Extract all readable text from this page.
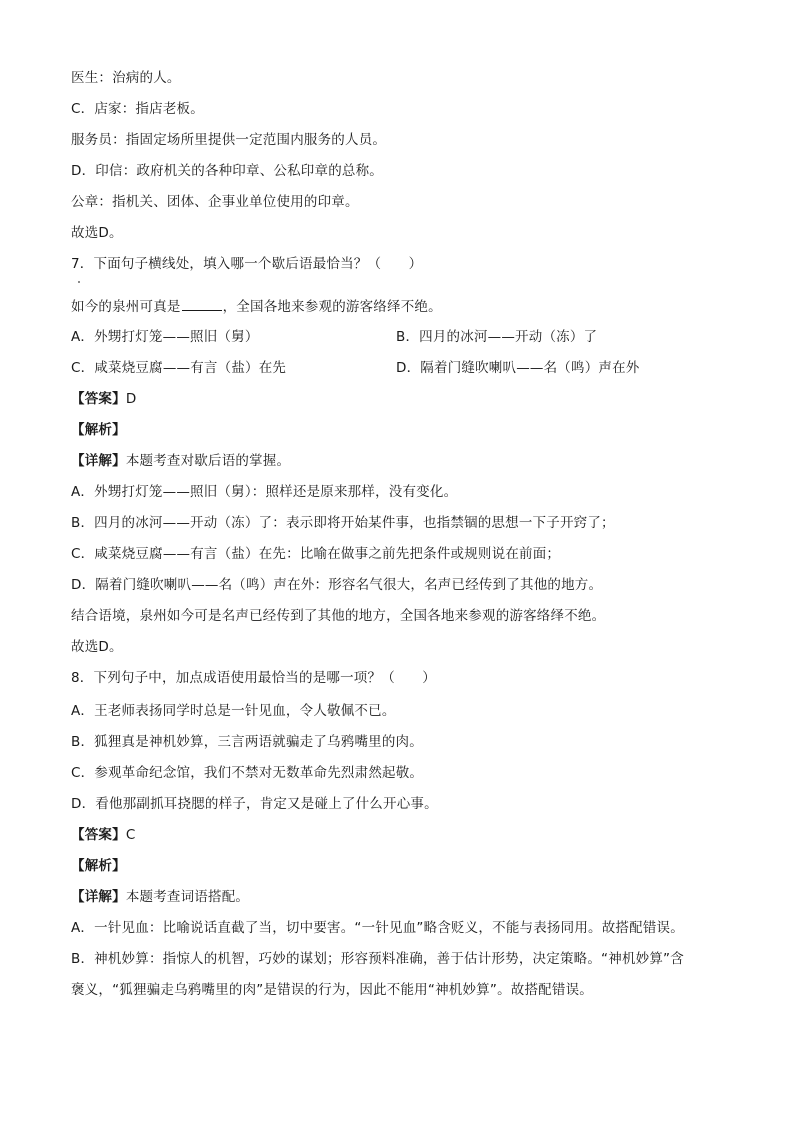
医生：治病的人。
C．店家：指店老板。
服务员：指固定场所里提供一定范围内服务的人员。
D．印信：政府机关的各种印章、公私印章的总称。
公章：指机关、团体、企事业单位使用的印章。
故选D。
7．下面句子横线处，填入哪一个歇后语最恰当？（　　）
如今的泉州可真是	，全国各地来参观的游客络绎不绝。
A．外甥打灯笼——照旧（舅）	B．四月的冰河——开动（冻）了
C．咸菜烧豆腐——有言（盐）在先	D．隔着门缝吹喇叭——名（鸣）声在外
【答案】D
【解析】
【详解】本题考查对歇后语的掌握。
A．外甥打灯笼——照旧（舅）：照样还是原来那样，没有变化。
B．四月的冰河——开动（冻）了：表示即将开始某件事，也指禁锢的思想一下子开窍了；
C．咸菜烧豆腐——有言（盐）在先：比喻在做事之前先把条件或规则说在前面；
D．隔着门缝吹喇叭——名（鸣）声在外：形容名气很大，名声已经传到了其他的地方。
结合语境，泉州如今可是名声已经传到了其他的地方，全国各地来参观的游客络绎不绝。
故选D。
8．下列句子中，加点成语使用最恰当的是哪一项？（　　）
A．王老师表扬同学时总是一针见血，令人敬佩不已。
B．狐狸真是神机妙算，三言两语就骗走了乌鸦嘴里的肉。
C．参观革命纪念馆，我们不禁对无数革命先烈肃然起敬。
D．看他那副抓耳挠腮的样子，肯定又是碰上了什么开心事。
【答案】C
【解析】
【详解】本题考查词语搭配。
A．一针见血：比喻说话直截了当，切中要害。“一针见血”略含贬义，不能与表扬同用。故搭配错误。
B．神机妙算：指惊人的机智，巧妙的谋划；形容预料准确，善于估计形势，决定策略。“神机妙算”含
褒义，“狐狸骗走乌鸦嘴里的肉”是错误的行为，因此不能用“神机妙算”。故搭配错误。
